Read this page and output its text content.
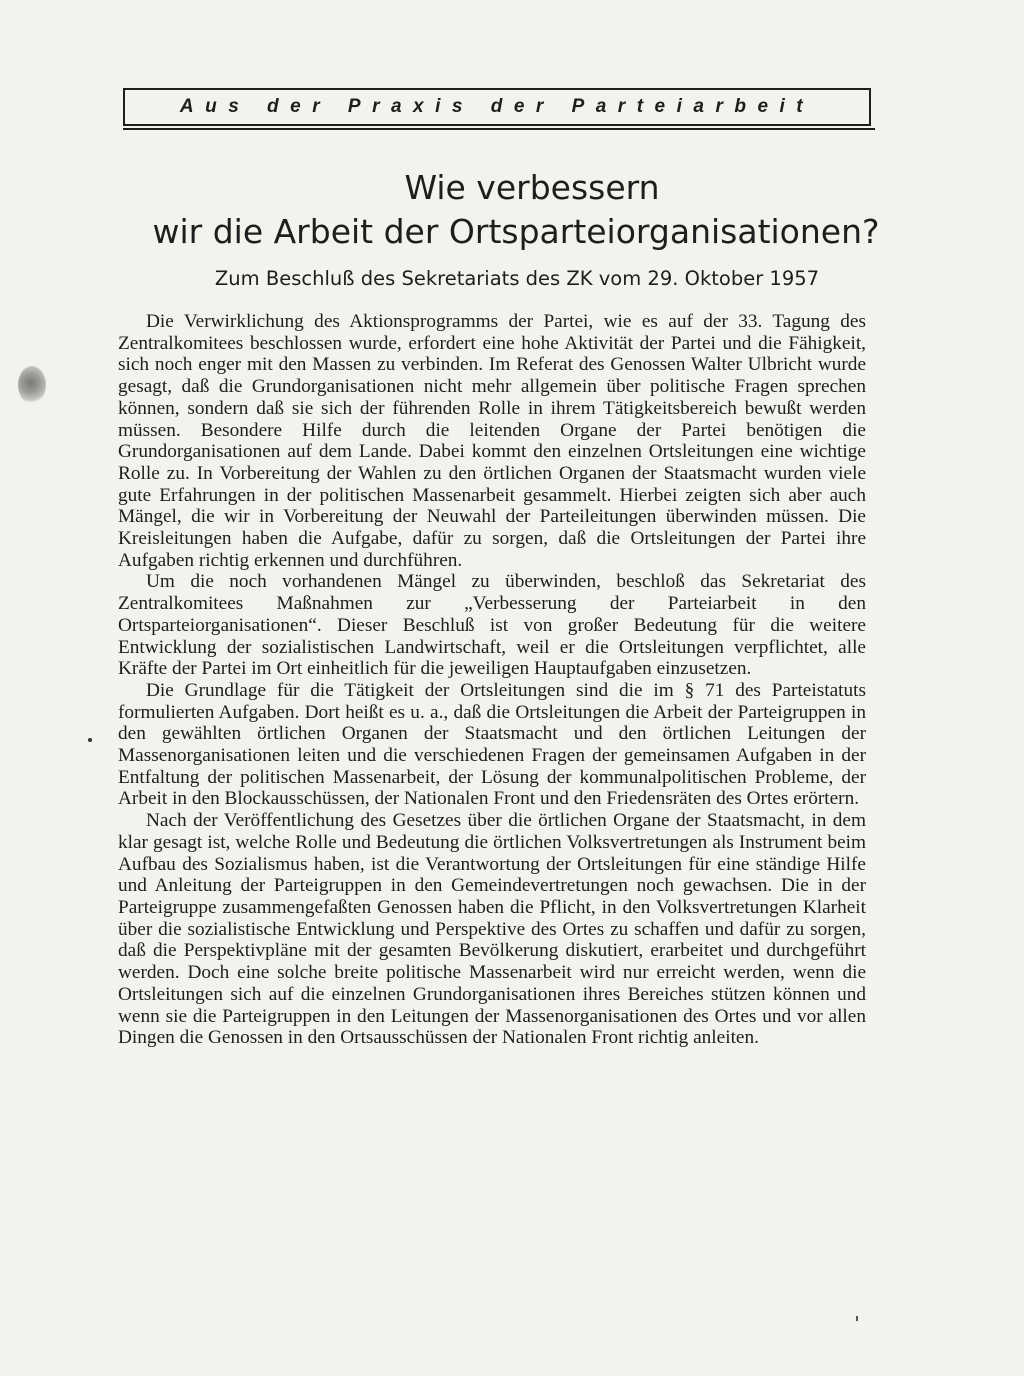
Aus der Praxis der Parteiarbeit
Wie verbessern
wir die Arbeit der Ortsparteiorganisationen?

Zum Beschluß des Sekretariats des ZK vom 29. Oktober 1957

Die Verwirklichung des Aktionsprogramms der Partei, wie es auf der 33. Tagung des Zentralkomitees beschlossen wurde, erfordert eine hohe Aktivität der Partei und die Fähigkeit, sich noch enger mit den Massen zu verbinden. Im Referat des Genossen Walter Ulbricht wurde gesagt, daß die Grundorganisationen nicht mehr allgemein über politische Fragen sprechen können, sondern daß sie sich der führenden Rolle in ihrem Tätigkeitsbereich bewußt werden müssen. Besondere Hilfe durch die leitenden Organe der Partei benötigen die Grundorganisationen auf dem Lande. Dabei kommt den einzelnen Ortsleitungen eine wichtige Rolle zu. In Vorbereitung der Wahlen zu den örtlichen Organen der Staatsmacht wurden viele gute Erfahrungen in der politischen Massenarbeit gesammelt. Hierbei zeigten sich aber auch Mängel, die wir in Vorbereitung der Neuwahl der Parteileitungen überwinden müssen. Die Kreisleitungen haben die Aufgabe, dafür zu sorgen, daß die Ortsleitungen der Partei ihre Aufgaben richtig erkennen und durchführen.

Um die noch vorhandenen Mängel zu überwinden, beschloß das Sekretariat des Zentralkomitees Maßnahmen zur „Verbesserung der Parteiarbeit in den Ortsparteiorganisationen“. Dieser Beschluß ist von großer Bedeutung für die weitere Entwicklung der sozialistischen Landwirtschaft, weil er die Ortsleitungen verpflichtet, alle Kräfte der Partei im Ort einheitlich für die jeweiligen Hauptaufgaben einzusetzen.

Die Grundlage für die Tätigkeit der Ortsleitungen sind die im § 71 des Parteistatuts formulierten Aufgaben. Dort heißt es u. a., daß die Ortsleitungen die Arbeit der Parteigruppen in den gewählten örtlichen Organen der Staatsmacht und den örtlichen Leitungen der Massenorganisationen leiten und die verschiedenen Fragen der gemeinsamen Aufgaben in der Entfaltung der politischen Massenarbeit, der Lösung der kommunalpolitischen Probleme, der Arbeit in den Blockausschüssen, der Nationalen Front und den Friedensräten des Ortes erörtern.

Nach der Veröffentlichung des Gesetzes über die örtlichen Organe der Staatsmacht, in dem klar gesagt ist, welche Rolle und Bedeutung die örtlichen Volksvertretungen als Instrument beim Aufbau des Sozialismus haben, ist die Verantwortung der Ortsleitungen für eine ständige Hilfe und Anleitung der Parteigruppen in den Gemeindevertretungen noch gewachsen. Die in der Parteigruppe zusammengefaßten Genossen haben die Pflicht, in den Volksvertretungen Klarheit über die sozialistische Entwicklung und Perspektive des Ortes zu schaffen und dafür zu sorgen, daß die Perspektivpläne mit der gesamten Bevölkerung diskutiert, erarbeitet und durchgeführt werden. Doch eine solche breite politische Massenarbeit wird nur erreicht werden, wenn die Ortsleitungen sich auf die einzelnen Grundorganisationen ihres Bereiches stützen können und wenn sie die Parteigruppen in den Leitungen der Massenorganisationen des Ortes und vor allen Dingen die Genossen in den Ortsausschüssen der Nationalen Front richtig anleiten.
